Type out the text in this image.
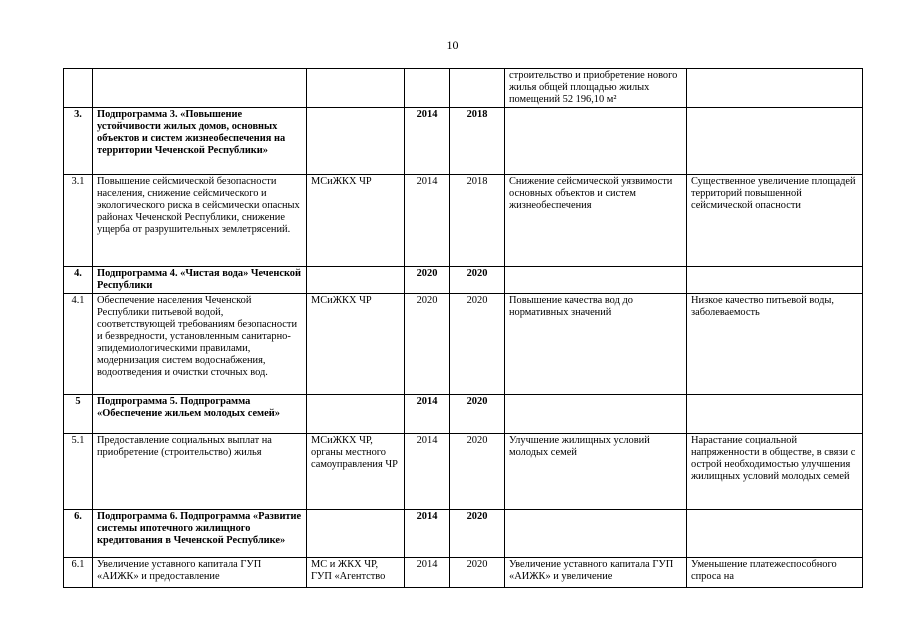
10
					строительство и приобретение нового жилья общей площадью жилых помещений 52 196,10 м²	
3.	Подпрограмма 3. «Повышение устойчивости жилых домов, основных объектов и систем жизнеобеспечения на территории Чеченской Республики»		2014	2018		
3.1	Повышение сейсмической безопасности населения, снижение сейсмического и экологического риска в сейсмически опасных районах Чеченской Республики, снижение ущерба от разрушительных землетрясений.	МСиЖКХ ЧР	2014	2018	Снижение сейсмической уязвимости основных объектов и систем жизнеобеспечения	Существенное увеличение площадей территорий повышенной сейсмической опасности
4.	Подпрограмма 4. «Чистая вода» Чеченской Республики		2020	2020		
4.1	Обеспечение населения Чеченской Республики питьевой водой, соответствующей требованиям безопасности и безвредности, установленным санитарно-эпидемиологическими правилами, модернизация систем водоснабжения, водоотведения и очистки сточных вод.	МСиЖКХ ЧР	2020	2020	Повышение качества вод до нормативных значений	Низкое качество питьевой воды, заболеваемость
5	Подпрограмма 5. Подпрограмма «Обеспечение жильем молодых семей»		2014	2020		
5.1	Предоставление социальных выплат на приобретение (строительство) жилья	МСиЖКХ ЧР, органы местного самоуправления ЧР	2014	2020	Улучшение жилищных условий молодых семей	Нарастание социальной напряженности в обществе, в связи с острой необходимостью улучшения жилищных условий молодых семей
6.	Подпрограмма 6. Подпрограмма «Развитие системы ипотечного жилищного кредитования в Чеченской Республике»		2014	2020		
6.1	Увеличение уставного капитала ГУП «АИЖК» и предоставление	МС и ЖКХ ЧР, ГУП «Агентство	2014	2020	Увеличение уставного капитала ГУП «АИЖК» и увеличение	Уменьшение платежеспособного спроса на
